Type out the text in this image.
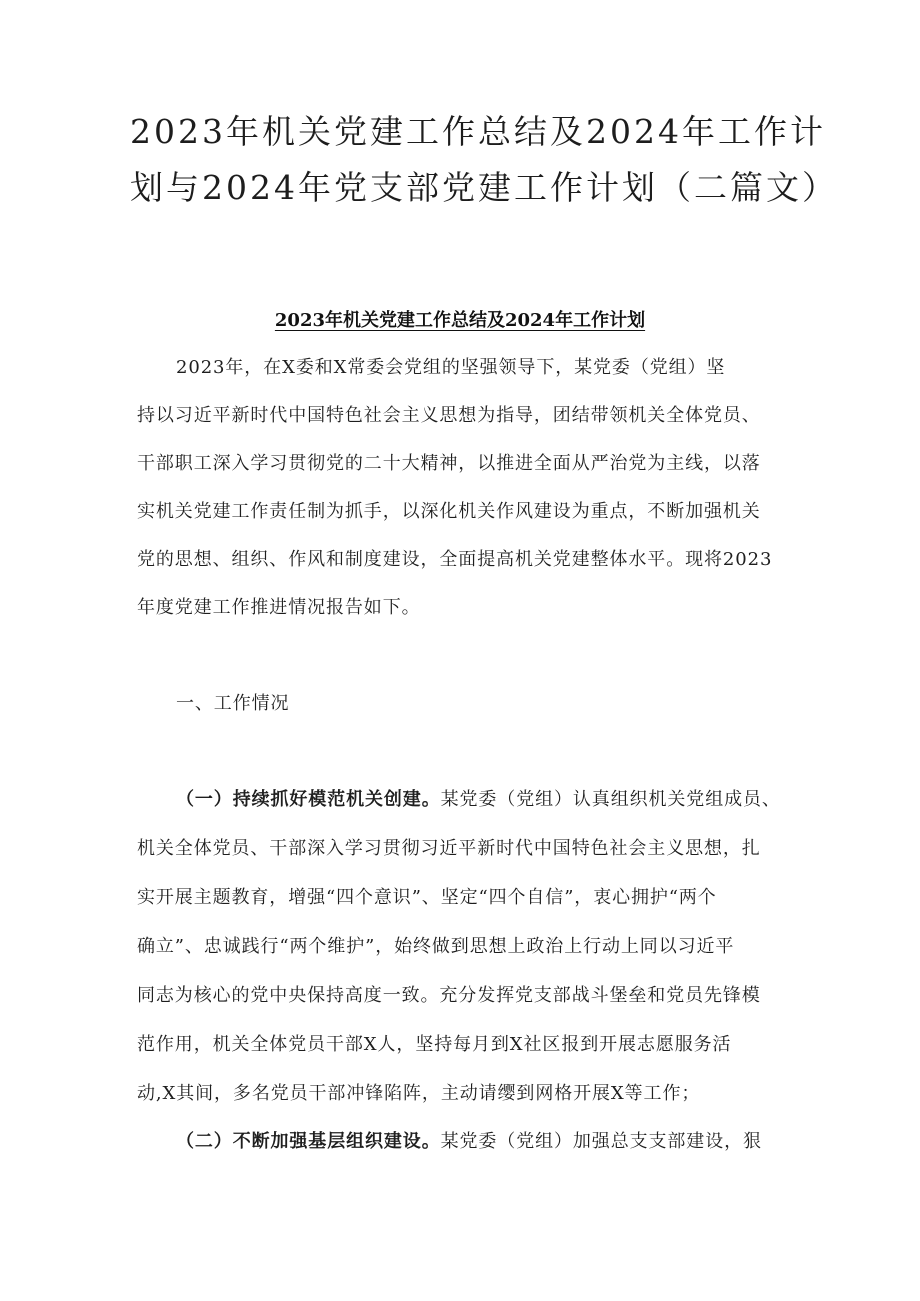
2023年机关党建工作总结及2024年工作计
划与2024年党支部党建工作计划（二篇文）
2023年机关党建工作总结及2024年工作计划
2023年，在X委和X常委会党组的坚强领导下，某党委（党组）坚
持以习近平新时代中国特色社会主义思想为指导，团结带领机关全体党员、
干部职工深入学习贯彻党的二十大精神，以推进全面从严治党为主线，以落
实机关党建工作责任制为抓手，以深化机关作风建设为重点，不断加强机关
党的思想、组织、作风和制度建设，全面提高机关党建整体水平。现将2023
年度党建工作推进情况报告如下。
一、工作情况
（一）持续抓好模范机关创建。某党委（党组）认真组织机关党组成员、
机关全体党员、干部深入学习贯彻习近平新时代中国特色社会主义思想，扎
实开展主题教育，增强“四个意识”、坚定“四个自信”，衷心拥护“两个
确立”、忠诚践行“两个维护”，始终做到思想上政治上行动上同以习近平
同志为核心的党中央保持高度一致。充分发挥党支部战斗堡垒和党员先锋模
范作用，机关全体党员干部X人，坚持每月到X社区报到开展志愿服务活
动,X其间，多名党员干部冲锋陷阵，主动请缨到网格开展X等工作；
（二）不断加强基层组织建设。某党委（党组）加强总支支部建设，狠
